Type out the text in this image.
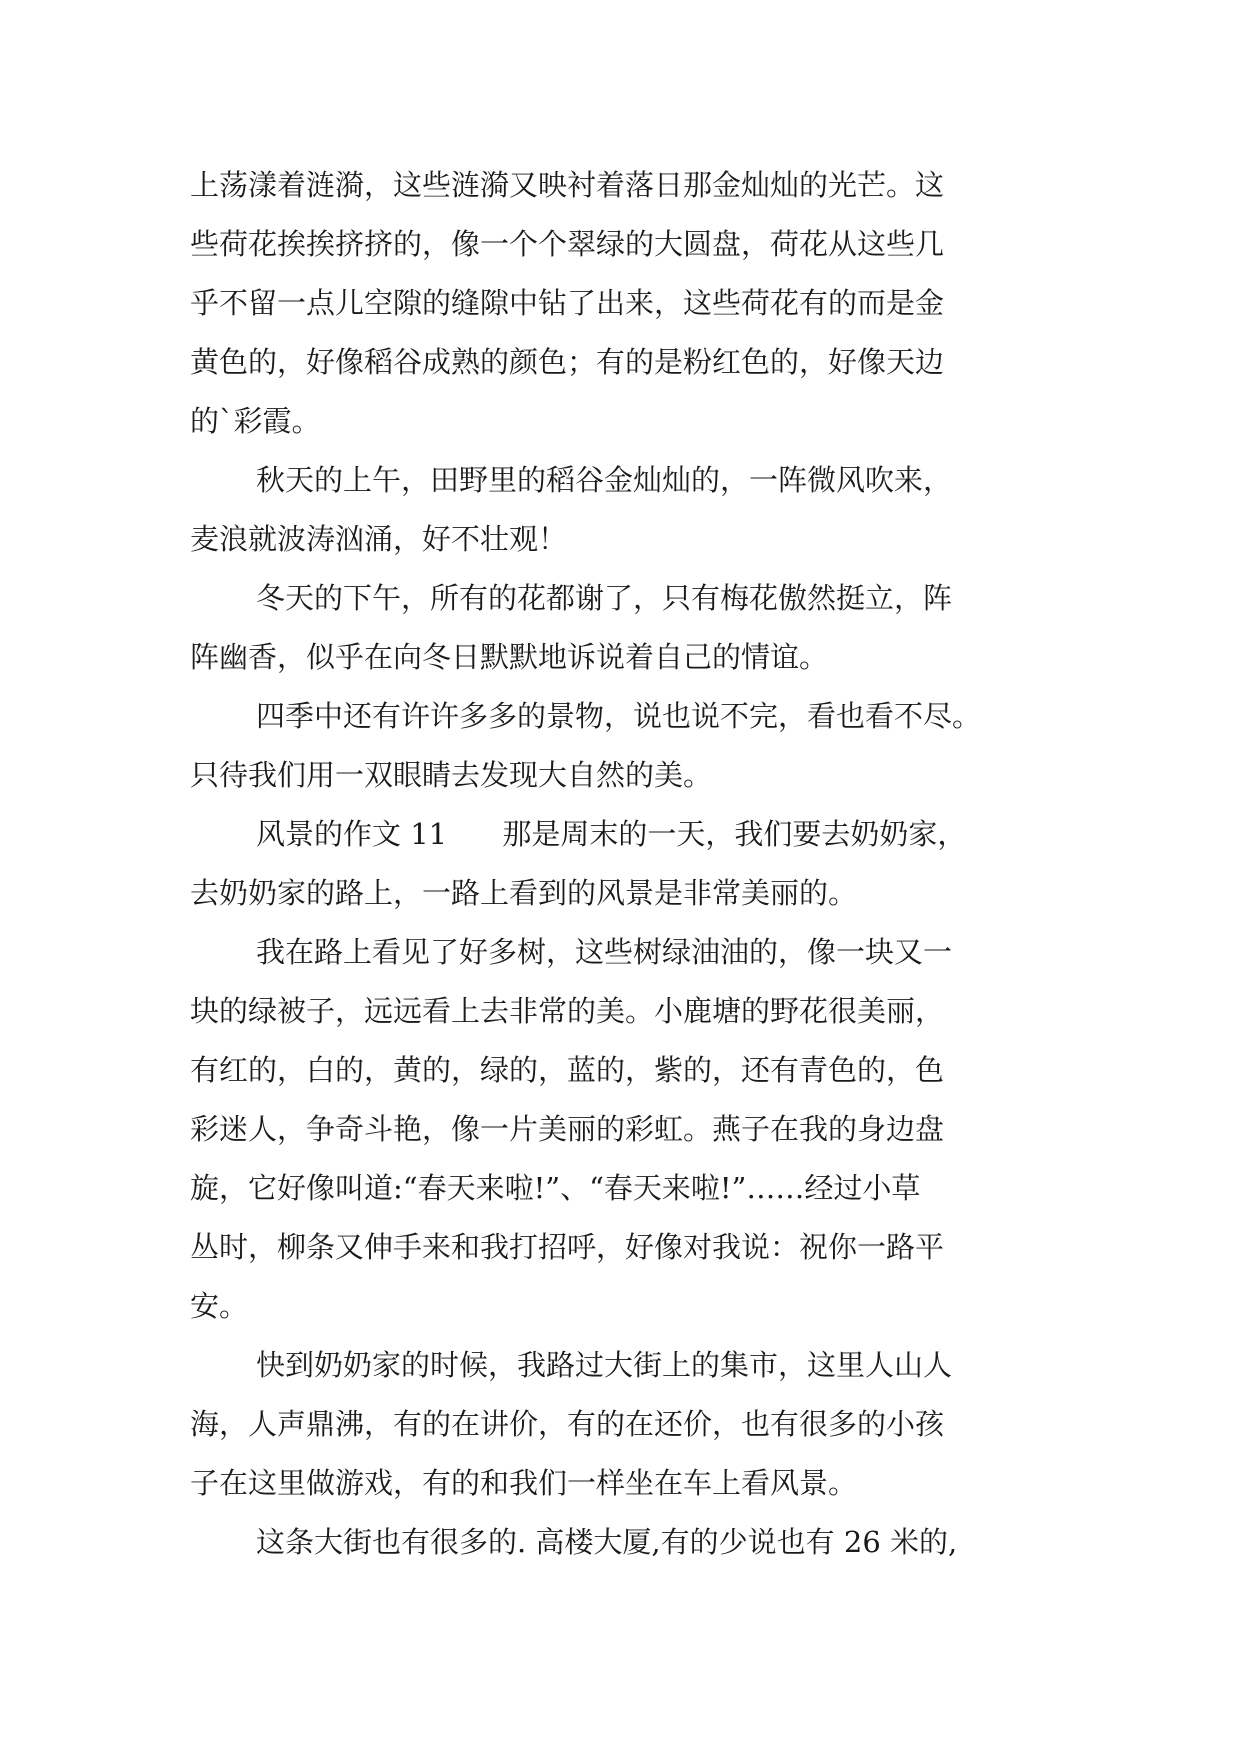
上荡漾着涟漪，这些涟漪又映衬着落日那金灿灿的光芒。这
些荷花挨挨挤挤的，像一个个翠绿的大圆盘，荷花从这些几
乎不留一点儿空隙的缝隙中钻了出来，这些荷花有的而是金
黄色的，好像稻谷成熟的颜色；有的是粉红色的，好像天边
的`彩霞。
秋天的上午，田野里的稻谷金灿灿的，一阵微风吹来，
麦浪就波涛汹涌，好不壮观！
冬天的下午，所有的花都谢了，只有梅花傲然挺立，阵
阵幽香，似乎在向冬日默默地诉说着自己的情谊。
四季中还有许许多多的景物，说也说不完，看也看不尽。
只待我们用一双眼睛去发现大自然的美。
风景的作文 11      那是周末的一天，我们要去奶奶家，
去奶奶家的路上，一路上看到的风景是非常美丽的。
我在路上看见了好多树，这些树绿油油的，像一块又一
块的绿被子，远远看上去非常的美。小鹿塘的野花很美丽，
有红的，白的，黄的，绿的，蓝的，紫的，还有青色的，色
彩迷人，争奇斗艳，像一片美丽的彩虹。燕子在我的身边盘
旋，它好像叫道:“春天来啦!”、“春天来啦!”……经过小草
丛时，柳条又伸手来和我打招呼，好像对我说：祝你一路平
安。
快到奶奶家的时候，我路过大街上的集市，这里人山人
海，人声鼎沸，有的在讲价，有的在还价，也有很多的小孩
子在这里做游戏，有的和我们一样坐在车上看风景。
这条大街也有很多的. 高楼大厦,有的少说也有 26 米的,
